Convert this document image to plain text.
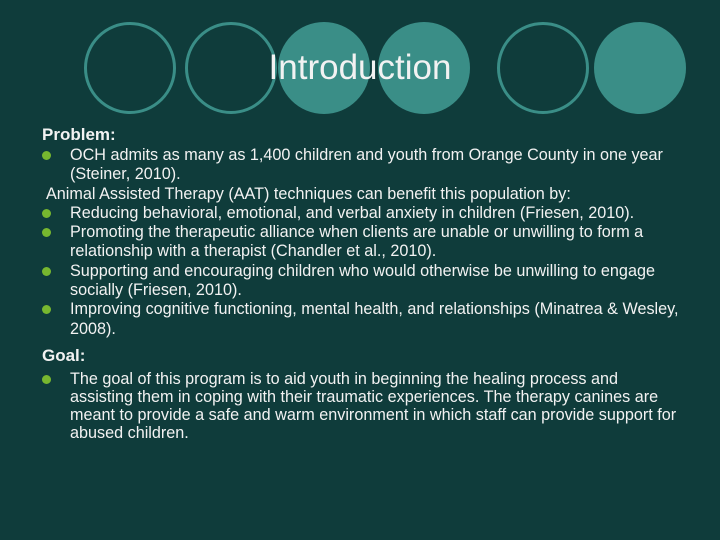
Introduction
Problem:
OCH admits as many as 1,400 children and youth from Orange County in one year (Steiner, 2010).
Animal Assisted Therapy (AAT) techniques can benefit this population by:
Reducing behavioral, emotional, and verbal anxiety in children (Friesen, 2010).
Promoting the therapeutic alliance when clients are unable or unwilling to form a relationship with a therapist (Chandler et al., 2010).
Supporting and encouraging children who would otherwise be unwilling to engage socially (Friesen, 2010).
Improving cognitive functioning, mental health, and relationships (Minatrea & Wesley, 2008).
Goal:
The goal of this program is to aid youth in beginning the healing process and assisting them in coping with their traumatic experiences. The therapy canines are meant to provide a safe and warm environment in which staff can provide support for abused children.
